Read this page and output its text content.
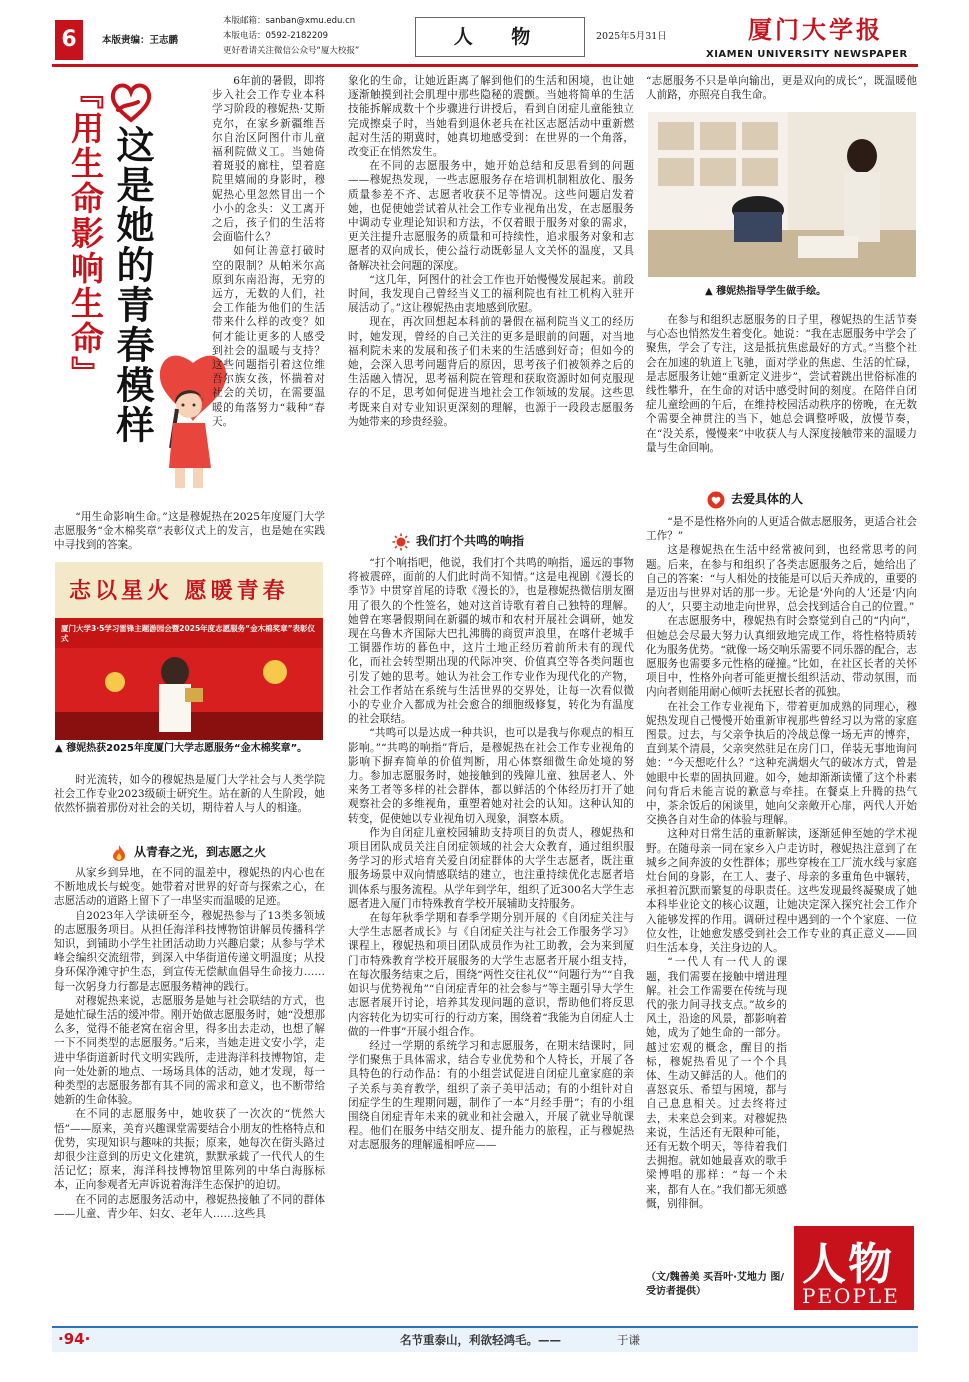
6	本版责编：王志鹏
本版邮箱：sanban@xmu.edu.cn
本版电话：0592-2182209
更好看请关注微信公众号“厦大校报”
人 物	2025年5月31日	厦门大学报
XIAMEN UNIVERSITY NEWSPAPER
『用生命影响生命』 这是她的青春模样

6年前的暑假，即将步入社会工作专业本科学习阶段的穆妮热·艾斯克尔，在家乡新疆维吾尔自治区阿图什市儿童福利院做义工。当她倚着斑驳的廊柱，望着庭院里嬉闹的身影时，穆妮热心里忽然冒出一个小小的念头：义工离开之后，孩子们的生活将会面临什么？

如何让善意打破时空的限制？从帕米尔高原到东南沿海，无穷的远方，无数的人们，社会工作能为他们的生活带来什么样的改变？如何才能让更多的人感受到社会的温暖与支持？这些问题指引着这位维吾尔族女孩，怀揣着对社会的关切，在需要温暖的角落努力“栽种”春天。

“用生命影响生命。”这是穆妮热在2025年度厦门大学志愿服务“金木棉奖章”表彰仪式上的发言，也是她在实践中寻找到的答案。

志以星火 愿暖青春
厦门大学3·5学习雷锋主题游园会暨2025年度志愿服务“金木棉奖章”表彰仪式
▲ 穆妮热获2025年度厦门大学志愿服务“金木棉奖章”。

时光流转，如今的穆妮热是厦门大学社会与人类学院社会工作专业2023级硕士研究生。站在新的人生阶段，她依然怀揣着那份对社会的关切，期待着人与人的相逢。

从青春之光，到志愿之火

从家乡到异地，在不同的温差中，穆妮热的内心也在不断地成长与蜕变。她带着对世界的好奇与探索之心，在志愿活动的道路上留下了一串坚实而温暖的足迹。

自2023年入学读研至今，穆妮热参与了13类多领域的志愿服务项目。从担任海洋科技博物馆讲解员传播科学知识，到铺助小学生社团活动助力兴趣启蒙；从参与学术峰会编织交流纽带，到深入中华街道传递文明温度；从投身环保净滩守护生态，到宣传无偿献血倡导生命接力……每一次躬身力行都是志愿服务精神的践行。

对穆妮热来说，志愿服务是她与社会联结的方式，也是她忙碌生活的缓冲带。刚开始做志愿服务时，她“没想那么多，觉得不能老窝在宿舍里，得多出去走动，也想了解一下不同类型的志愿服务。”后来，当她走进文安小学，走进中华街道新时代文明实践所，走进海洋科技博物馆，走向一处处新的地点、一场场具体的活动，她才发现，每一种类型的志愿服务都有其不同的需求和意义，也不断带给她新的生命体验。

在不同的志愿服务中，她收获了一次次的“恍然大悟”——原来，美育兴趣课堂需要结合小朋友的性格特点和优势，实现知识与趣味的共振；原来，她每次在街头路过却很少注意到的历史文化建筑，默默承载了一代代人的生活记忆；原来，海洋科技博物馆里陈列的中华白海豚标本，正向参观者无声诉说着海洋生态保护的迫切。

在不同的志愿服务活动中，穆妮热接触了不同的群体——儿童、青少年、妇女、老年人……这些具

象化的生命，让她近距离了解到他们的生活和困境，也让她逐渐触摸到社会肌理中那些隐秘的震颤。当她将简单的生活技能拆解成数十个步骤进行讲授后，看到自闭症儿童能独立完成擦桌子时，当她看到退休老兵在社区志愿活动中重新燃起对生活的期冀时，她真切地感受到：在世界的一个角落，改变正在悄然发生。

在不同的志愿服务中，她开始总结和反思看到的问题——穆妮热发现，一些志愿服务存在培训机制粗放化、服务质量参差不齐、志愿者收获不足等情况。这些问题启发着她，也促使她尝试着从社会工作专业视角出发，在志愿服务中调动专业理论知识和方法，不仅着眼于服务对象的需求，更关注提升志愿服务的质量和可持续性，追求服务对象和志愿者的双向成长，使公益行动既彰显人文关怀的温度，又具备解决社会问题的深度。

“这几年，阿图什的社会工作也开始慢慢发展起来。前段时间，我发现自己曾经当义工的福利院也有社工机构入驻开展活动了。”这让穆妮热由衷地感到欣慰。

现在，再次回想起本科前的暑假在福利院当义工的经历时，她发现，曾经的自己关注的更多是眼前的问题，对当地福利院未来的发展和孩子们未来的生活感到好奇；但如今的她，会深入思考问题背后的原因，思考孩子们被领养之后的生活融入情况，思考福利院在管理和获取资源时如何克服现存的不足，思考如何促进当地社会工作领域的发展。这些思考既来自对专业知识更深刻的理解，也源于一段段志愿服务为她带来的珍贵经验。

我们打个共鸣的响指

“打个响指吧，他说，我们打个共鸣的响指，遥远的事物将被震碎，面前的人们此时尚不知情。”这是电视剧《漫长的季节》中贯穿首尾的诗歌《漫长的》，也是穆妮热微信朋友圈用了很久的个性签名，她对这首诗歌有着自己独特的理解。她曾在寒暑假期间在新疆的城市和农村开展社会调研，她发现在乌鲁木齐国际大巴扎沸腾的商贸声浪里，在喀什老城手工铜器作坊的暮色中，这片土地正经历着前所未有的现代化，而社会转型期出现的代际冲突、价值真空等各类问题也引发了她的思考。她认为社会工作专业作为现代化的产物，社会工作者站在系统与生活世界的交界处，让每一次看似微小的专业介入都成为社会愈合的细胞级修复，转化为有温度的社会联结。

“共鸣可以是达成一种共识，也可以是我与你观点的相互影响。”“共鸣的响指”背后，是穆妮热在社会工作专业视角的影响下摒弃简单的价值判断，用心体察细微生命处境的努力。参加志愿服务时，她接触到的残障儿童、独居老人、外来务工者等多样的社会群体，都以鲜活的个体经历打开了她观察社会的多维视角，重塑着她对社会的认知。这种认知的转变，促使她以专业视角切入现象，洞察本质。

作为自闭症儿童校园辅助支持项目的负责人，穆妮热和项目团队成员关注自闭症领域的社会大众教育，通过组织服务学习的形式培育关爱自闭症群体的大学生志愿者，既注重服务场景中双向情感联结的建立，也注重持续优化志愿者培训体系与服务流程。从学年到学年，组织了近300名大学生志愿者进入厦门市特殊教育学校开展辅助支持服务。

在每年秋季学期和春季学期分别开展的《自闭症关注与大学生志愿者成长》与《自闭症关注与社会工作服务学习》课程上，穆妮热和项目团队成员作为社工助教，会为来到厦门市特殊教育学校开展服务的大学生志愿者开展小组支持，在每次服务结束之后，围绕“两性交往礼仪”“问题行为”“自我如识与优势视角”“自闭症青年的社会参与”等主题引导大学生志愿者展开讨论，培养其发现问题的意识，帮助他们将反思内容转化为切实可行的行动方案，围绕着“我能为自闭症人士做的一件事”开展小组合作。

经过一学期的系统学习和志愿服务，在期末结课时，同学们聚焦于具体需求，结合专业优势和个人特长，开展了各具特色的行动作品：有的小组尝试促进自闭症儿童家庭的亲子关系与美育教学，组织了亲子美甲活动；有的小组针对自闭症学生的生理期问题，制作了一本“月经手册”；有的小组围绕自闭症青年未来的就业和社会融入，开展了就业导航课程。他们在服务中结交朋友、提升能力的旅程，正与穆妮热对志愿服务的理解遥相呼应——

“志愿服务不只是单向输出，更是双向的成长”，既温暖他人前路，亦照亮自我生命。

▲ 穆妮热指导学生做手绘。

在参与和组织志愿服务的日子里，穆妮热的生活节奏与心态也悄然发生着变化。她说：“我在志愿服务中学会了聚焦，学会了专注，这是抵抗焦虑最好的方式。”当整个社会在加速的轨道上飞驰，面对学业的焦虑、生活的忙碌，是志愿服务让她“重新定义进步”，尝试着跳出世俗标准的线性攀升，在生命的对话中感受时间的刻度。在陪伴自闭症儿童绘画的午后，在维持校园活动秩序的傍晚，在无数个需要全神贯注的当下，她总会调整呼吸，放慢节奏，在“没关系，慢慢来”中收获人与人深度接触带来的温暖力量与生命回响。

去爱具体的人

“是不是性格外向的人更适合做志愿服务，更适合社会工作？”

这是穆妮热在生活中经常被问到，也经常思考的问题。后来，在参与和组织了各类志愿服务之后，她给出了自己的答案：“与人相处的技能是可以后天养成的，重要的是迈出与世界对话的那一步。无论是‘外向的人’还是‘内向的人’，只要主动地走向世界，总会找到适合自己的位置。”

在志愿服务中，穆妮热有时会察觉到自己的“内向”，但她总会尽最大努力认真细致地完成工作，将性格特质转化为服务优势。“就像一场交响乐需要不同乐器的配合，志愿服务也需要多元性格的碰撞。”比如，在社区长者的关怀项目中，性格外向者可能更擅长组织活动、带动氛围，而内向者则能用耐心倾听去抚慰长者的孤独。

在社会工作专业视角下，带着更加成熟的同理心，穆妮热发现自己慢慢开始重新审视那些曾经习以为常的家庭图景。过去，与父亲争执后的冷战总像一场无声的博弈，直到某个清晨，父亲突然驻足在房门口，佯装无事地询问她：“今天想吃什么？”这种充满烟火气的破冰方式，曾是她眼中长辈的固执回避。如今，她却渐渐读懂了这个朴素问句背后未能言说的歉意与牵挂。在餐桌上升腾的热气中，茶余饭后的闲谈里，她向父亲敞开心扉，两代人开始交换各自对生命的体验与理解。

这种对日常生活的重新解读，逐渐延伸至她的学术视野。在随母亲一同在家乡入户走访时，穆妮热注意到了在城乡之间奔波的女性群体；那些穿梭在工厂流水线与家庭灶台间的身影，在工人、妻子、母亲的多重角色中辗转，承担着沉默而繁复的母职责任。这些发现最终凝聚成了她本科毕业论文的核心议题，让她决定深入探究社会工作介入能够发挥的作用。调研过程中遇到的一个个家庭、一位位女性，让她愈发感受到社会工作专业的真正意义——回归生活本身，关注身边的人。

“一代人有一代人的课题，我们需要在接触中增进理解。社会工作需要在传统与现代的张力间寻找支点。”故乡的风土，沿途的风景，都影响着她，成为了她生命的一部分。越过宏观的概念，醒目的指标，穆妮热看见了一个个具体、生动又鲜活的人。他们的喜怒哀乐、希望与困境，都与自己息息相关。过去终将过去，未来总会到来。对穆妮热来说，生活还有无限种可能，还有无数个明天，等待着我们去拥抱。就如她最喜欢的歌手梁博唱的那样：“每一个未来，都有人在。”我们都无须感慨，别徘徊。

（文/魏善美 买吾叶·艾地力 图/受访者提供）
人物
PEOPLE
·94·	名节重泰山，利欲轻鸿毛。——	于谦
